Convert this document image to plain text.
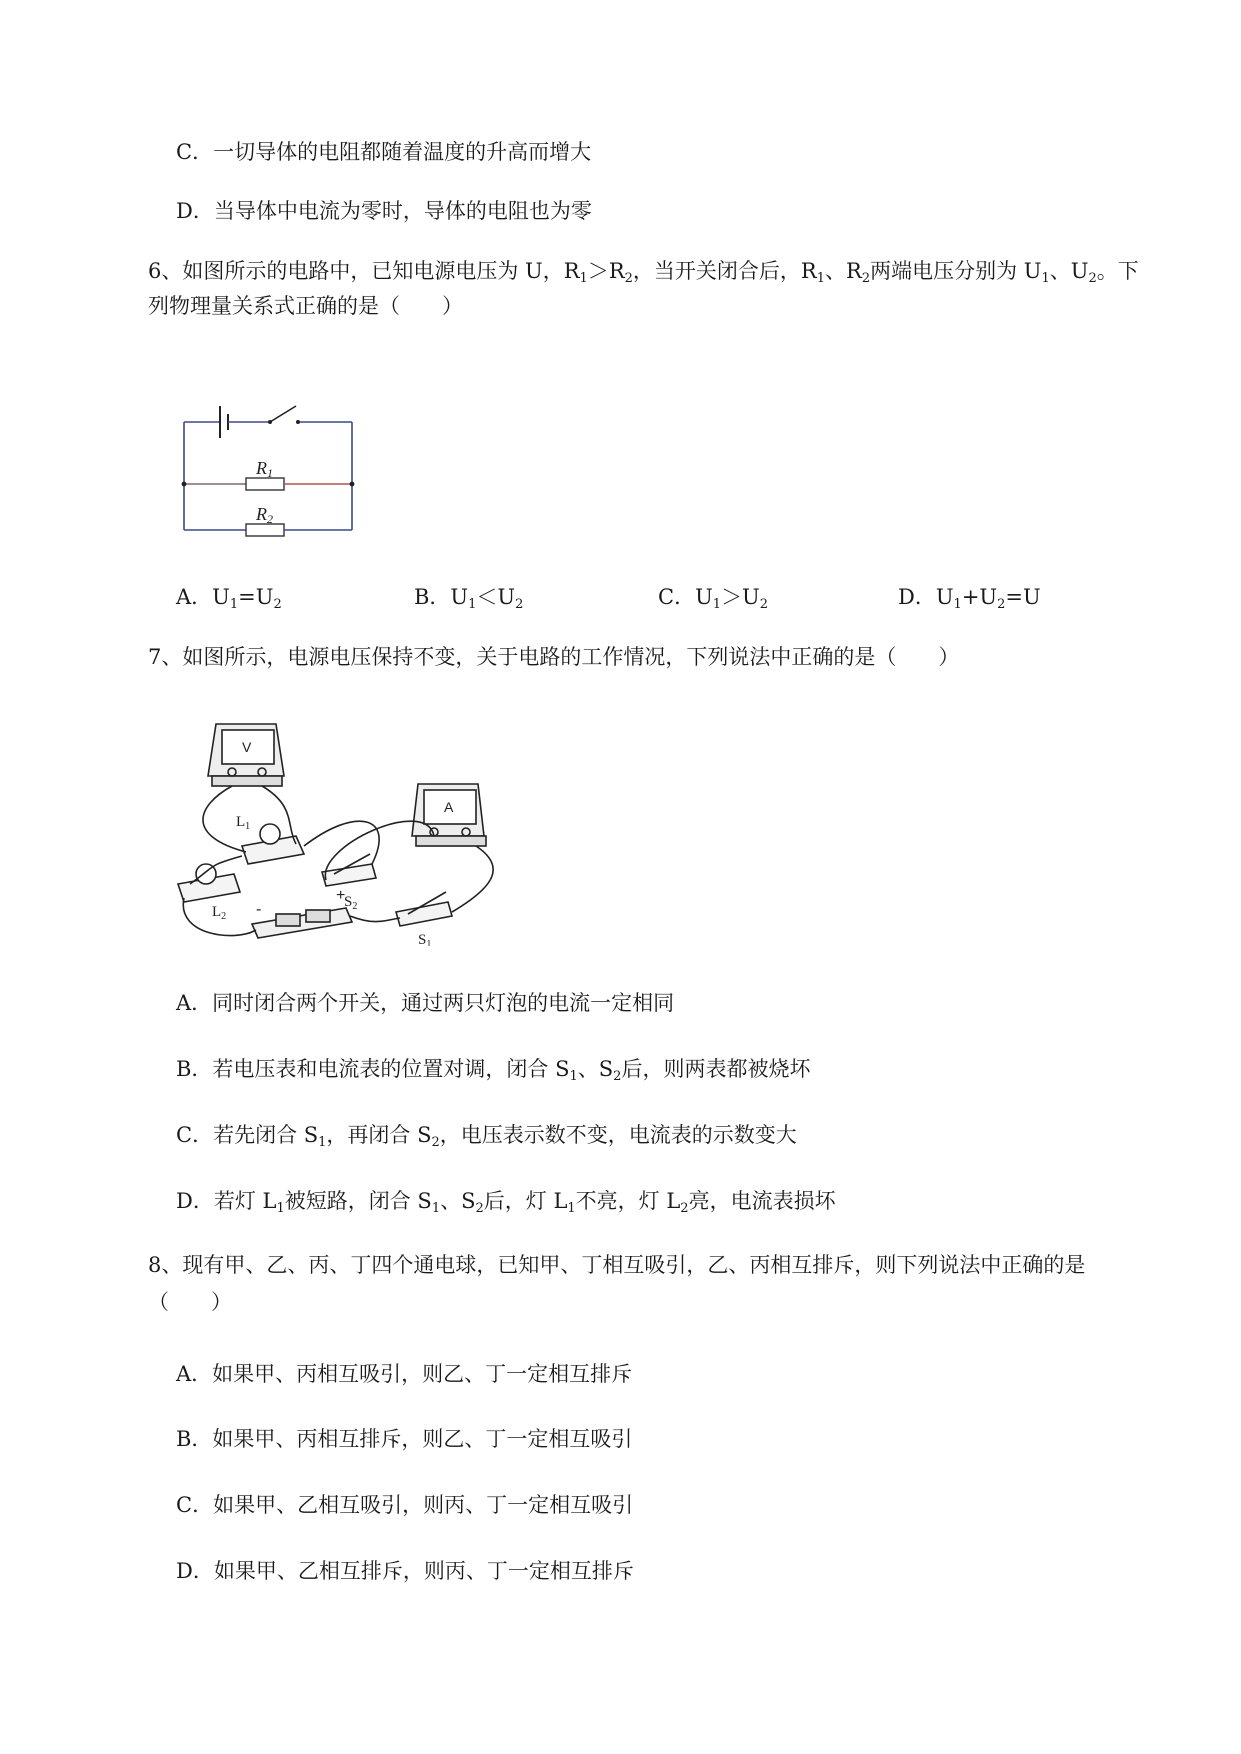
C．一切导体的电阻都随着温度的升高而增大
D．当导体中电流为零时，导体的电阻也为零
6、如图所示的电路中，已知电源电压为 U，$R_1>R_2$，当开关闭合后，$R_1$、$R_2$两端电压分别为 $U_1$、$U_2$。下
列物理量关系式正确的是（　　）
R1
R2
A．$U_1=U_2$	B．$U_1<U_2$	C．$U_1>U_2$	D．$U_1+U_2=U$
7、如图所示，电源电压保持不变，关于电路的工作情况，下列说法中正确的是（　　）
V
A
$L_1$
$L_2$
$S_2$
$S_1$
-
+
A．同时闭合两个开关，通过两只灯泡的电流一定相同
B．若电压表和电流表的位置对调，闭合 $S_1$、$S_2$后，则两表都被烧坏
C．若先闭合 $S_1$，再闭合 $S_2$，电压表示数不变，电流表的示数变大
D．若灯 $L_1$被短路，闭合 $S_1$、$S_2$后，灯 $L_1$不亮，灯 $L_2$亮，电流表损坏
8、现有甲、乙、丙、丁四个通电球，已知甲、丁相互吸引，乙、丙相互排斥，则下列说法中正确的是
（　　）
A．如果甲、丙相互吸引，则乙、丁一定相互排斥
B．如果甲、丙相互排斥，则乙、丁一定相互吸引
C．如果甲、乙相互吸引，则丙、丁一定相互吸引
D．如果甲、乙相互排斥，则丙、丁一定相互排斥
